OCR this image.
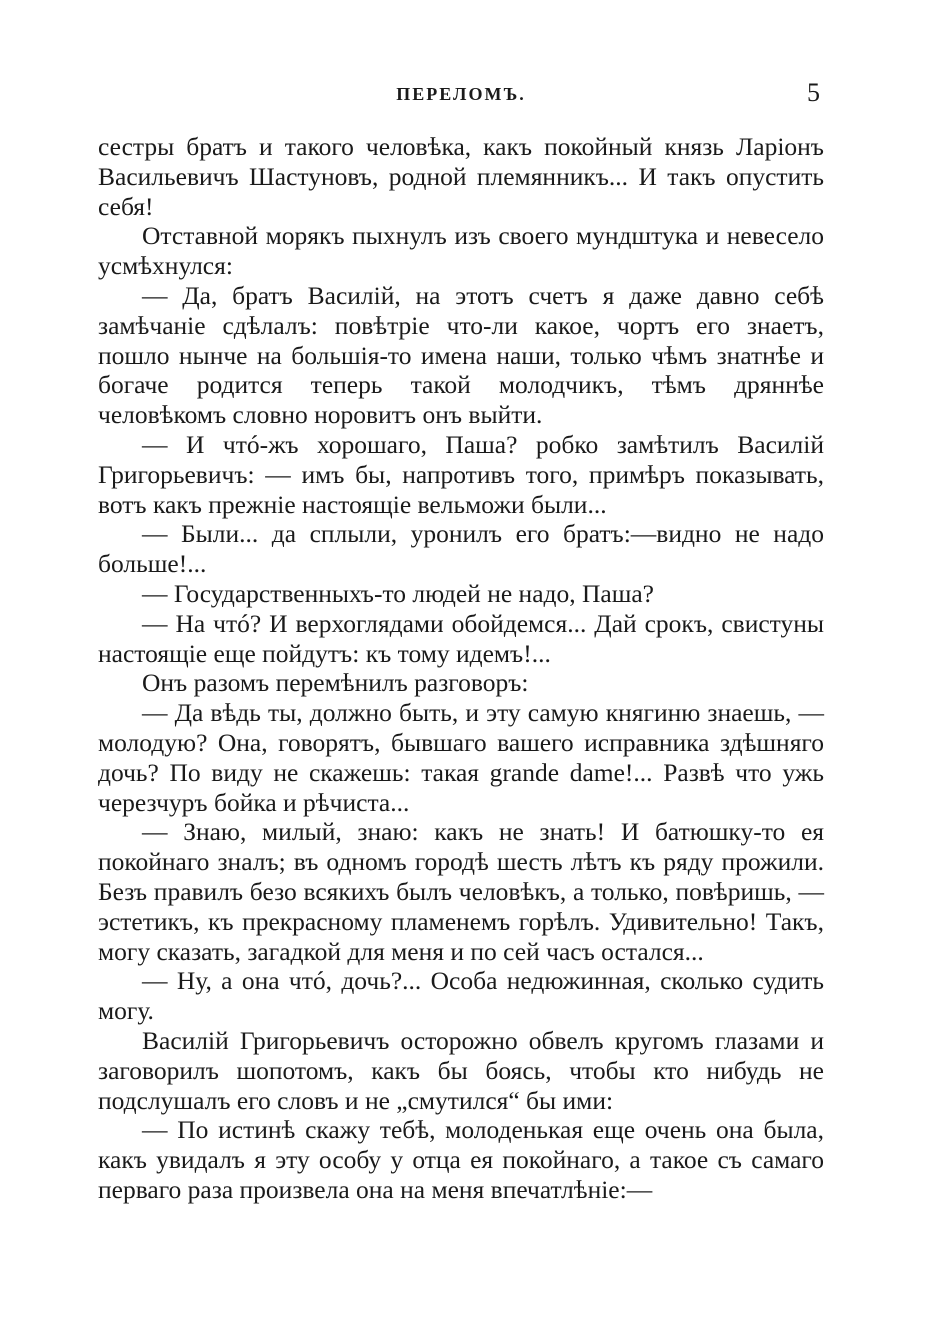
ПЕРЕЛОМЪ.	5

сестры братъ и такого человѣка, какъ покойный князь Ларіонъ Васильевичъ Шастуновъ, родной племянникъ... И такъ опустить себя!

Отставной морякъ пыхнулъ изъ своего мундштука и невесело усмѣхнулся:

— Да, братъ Василій, на этотъ счетъ я даже давно себѣ замѣчаніе сдѣлалъ: повѣтріе что-ли какое, чортъ его знаетъ, пошло нынче на большія-то имена наши, только чѣмъ знатнѣе и богаче родится теперь такой молодчикъ, тѣмъ дряннѣе человѣкомъ словно норовитъ онъ выйти.

— И чтó-жъ хорошаго, Паша? робко замѣтилъ Василій Григорьевичъ: — имъ бы, напротивъ того, примѣръ показывать, вотъ какъ прежніе настоящіе вельможи были...

— Были... да сплыли, уронилъ его братъ:—видно не надо больше!...

— Государственныхъ-то людей не надо, Паша?

— На чтó? И верхоглядами обойдемся... Дай срокъ, свистуны настоящіе еще пойдутъ: къ тому идемъ!...

Онъ разомъ перемѣнилъ разговоръ:

— Да вѣдь ты, должно быть, и эту самую княгиню знаешь, — молодую? Она, говорятъ, бывшаго вашего исправника здѣшняго дочь? По виду не скажешь: такая grande dame!... Развѣ что ужь черезчуръ бойка и рѣчиста...

— Знаю, милый, знаю: какъ не знать! И батюшку-то ея покойнаго зналъ; въ одномъ городѣ шесть лѣтъ къ ряду прожили. Безъ правилъ безо всякихъ былъ человѣкъ, а только, повѣришь, — эстетикъ, къ прекрасному пламенемъ горѣлъ. Удивительно! Такъ, могу сказать, загадкой для меня и по сей часъ остался...

— Ну, а она чтó, дочь?... Особа недюжинная, сколько судить могу.

Василій Григорьевичъ осторожно обвелъ кругомъ глазами и заговорилъ шопотомъ, какъ бы боясь, чтобы кто нибудь не подслушалъ его словъ и не „смутился“ бы ими:

— По истинѣ скажу тебѣ, молоденькая еще очень она была, какъ увидалъ я эту особу у отца ея покойнаго, а такое съ самаго перваго раза произвела она на меня впечатлѣніе:—
